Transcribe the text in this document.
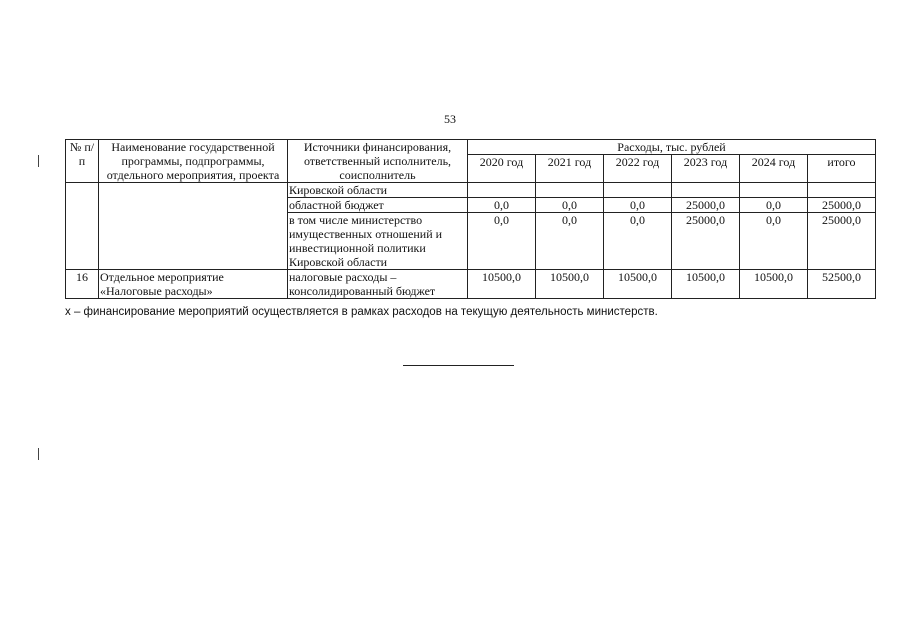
53
№ п/п	Наименование государственной программы, подпрограммы, отдельного мероприятия, проекта	Источники финансирования, ответственный исполнитель, соисполнитель	Расходы, тыс. рублей					
			2020 год	2021 год	2022 год	2023 год	2024 год	итого
		Кировской области						
		областной бюджет	0,0	0,0	0,0	25000,0	0,0	25000,0
		в том числе министерство имущественных отношений и инвестиционной политики Кировской области	0,0	0,0	0,0	25000,0	0,0	25000,0
16	Отдельное мероприятие «Налоговые расходы»	налоговые расходы – консолидированный бюджет	10500,0	10500,0	10500,0	10500,0	10500,0	52500,0
x – финансирование мероприятий осуществляется в рамках расходов на текущую деятельность министерств.
